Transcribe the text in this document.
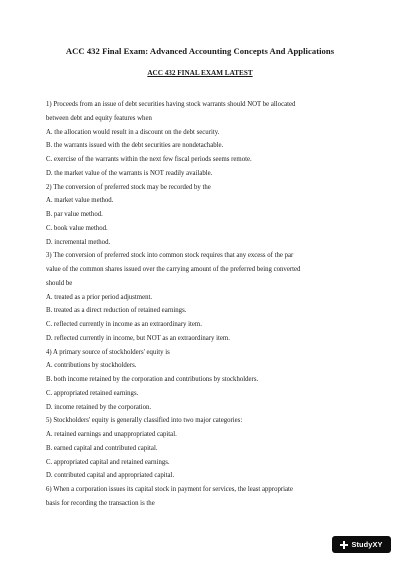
ACC 432 Final Exam: Advanced Accounting Concepts And Applications
ACC 432 FINAL EXAM LATEST
1) Proceeds from an issue of debt securities having stock warrants should NOT be allocated
between debt and equity features when
A. the allocation would result in a discount on the debt security.
B. the warrants issued with the debt securities are nondetachable.
C. exercise of the warrants within the next few fiscal periods seems remote.
D. the market value of the warrants is NOT readily available.
2) The conversion of preferred stock may be recorded by the
A. market value method.
B. par value method.
C. book value method.
D. incremental method.
3) The conversion of preferred stock into common stock requires that any excess of the par
value of the common shares issued over the carrying amount of the preferred being converted
should be
A. treated as a prior period adjustment.
B. treated as a direct reduction of retained earnings.
C. reflected currently in income as an extraordinary item.
D. reflected currently in income, but NOT as an extraordinary item.
4) A primary source of stockholders' equity is
A. contributions by stockholders.
B. both income retained by the corporation and contributions by stockholders.
C. appropriated retained earnings.
D. income retained by the corporation.
5) Stockholders' equity is generally classified into two major categories:
A. retained earnings and unappropriated capital.
B. earned capital and contributed capital.
C. appropriated capital and retained earnings.
D. contributed capital and appropriated capital.
6) When a corporation issues its capital stock in payment for services, the least appropriate
basis for recording the transaction is the
StudyXY
